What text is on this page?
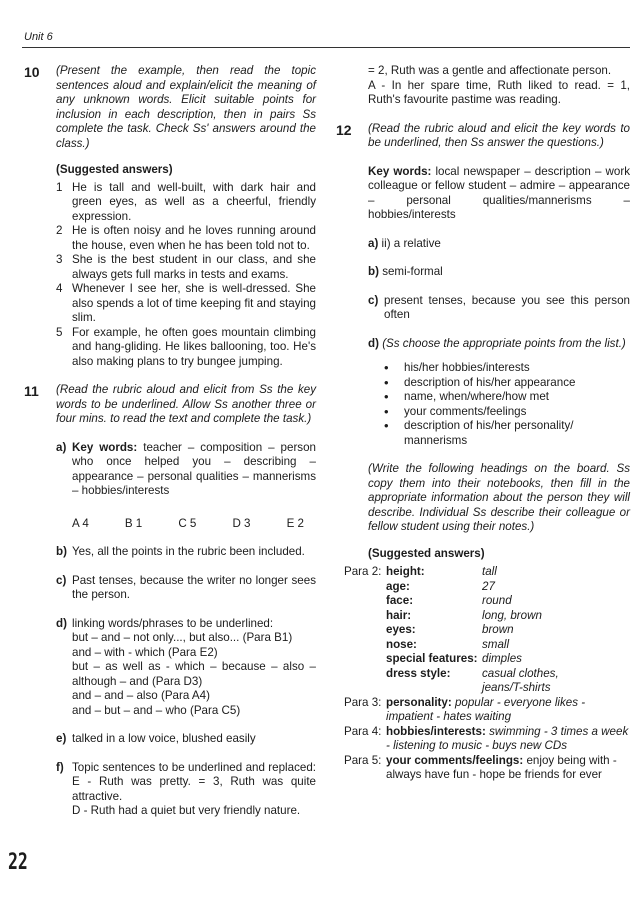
Unit 6
10 (Present the example, then read the topic sentences aloud and explain/elicit the meaning of any unknown words. Elicit suitable points for inclusion in each description, then in pairs Ss complete the task. Check Ss' answers around the class.)
(Suggested answers)
1 He is tall and well-built, with dark hair and green eyes, as well as a cheerful, friendly expression.
2 He is often noisy and he loves running around the house, even when he has been told not to.
3 She is the best student in our class, and she always gets full marks in tests and exams.
4 Whenever I see her, she is well-dressed. She also spends a lot of time keeping fit and staying slim.
5 For example, he often goes mountain climbing and hang-gliding. He likes ballooning, too. He's also making plans to try bungee jumping.
11 (Read the rubric aloud and elicit from Ss the key words to be underlined. Allow Ss another three or four mins. to read the text and complete the task.)
a) Key words: teacher – composition – person who once helped you – describing – appearance – personal qualities – mannerisms – hobbies/interests
A 4	B 1	C 5	D 3	E 2
b) Yes, all the points in the rubric been included.
c) Past tenses, because the writer no longer sees the person.
d) linking words/phrases to be underlined:
but – and – not only..., but also... (Para B1)
and – with - which (Para E2)
but – as well as - which – because – also – although – and (Para D3)
and – and – also (Para A4)
and – but – and – who (Para C5)
e) talked in a low voice, blushed easily
f) Topic sentences to be underlined and replaced: E - Ruth was pretty. = 3, Ruth was quite attractive.
D - Ruth had a quiet but very friendly nature.
= 2, Ruth was a gentle and affectionate person.
A - In her spare time, Ruth liked to read. = 1, Ruth's favourite pastime was reading.
12 (Read the rubric aloud and elicit the key words to be underlined, then Ss answer the questions.)
Key words: local newspaper – description – work colleague or fellow student – admire – appearance – personal qualities/mannerisms – hobbies/interests
a) ii) a relative
b) semi-formal
c) present tenses, because you see this person often
d) (Ss choose the appropriate points from the list.)
• his/her hobbies/interests
• description of his/her appearance
• name, when/where/how met
• your comments/feelings
• description of his/her personality/ mannerisms
(Write the following headings on the board. Ss copy them into their notebooks, then fill in the appropriate information about the person they will describe. Individual Ss describe their colleague or fellow student using their notes.)
(Suggested answers)
Para 2: height:	tall
age:	27
face:	round
hair:	long, brown
eyes:	brown
nose:	small
special features: dimples
dress style:	casual clothes, jeans/T-shirts
Para 3: personality: popular - everyone likes - impatient - hates waiting
Para 4: hobbies/interests: swimming - 3 times a week - listening to music - buys new CDs
Para 5: your comments/feelings: enjoy being with - always have fun - hope be friends for ever
22
